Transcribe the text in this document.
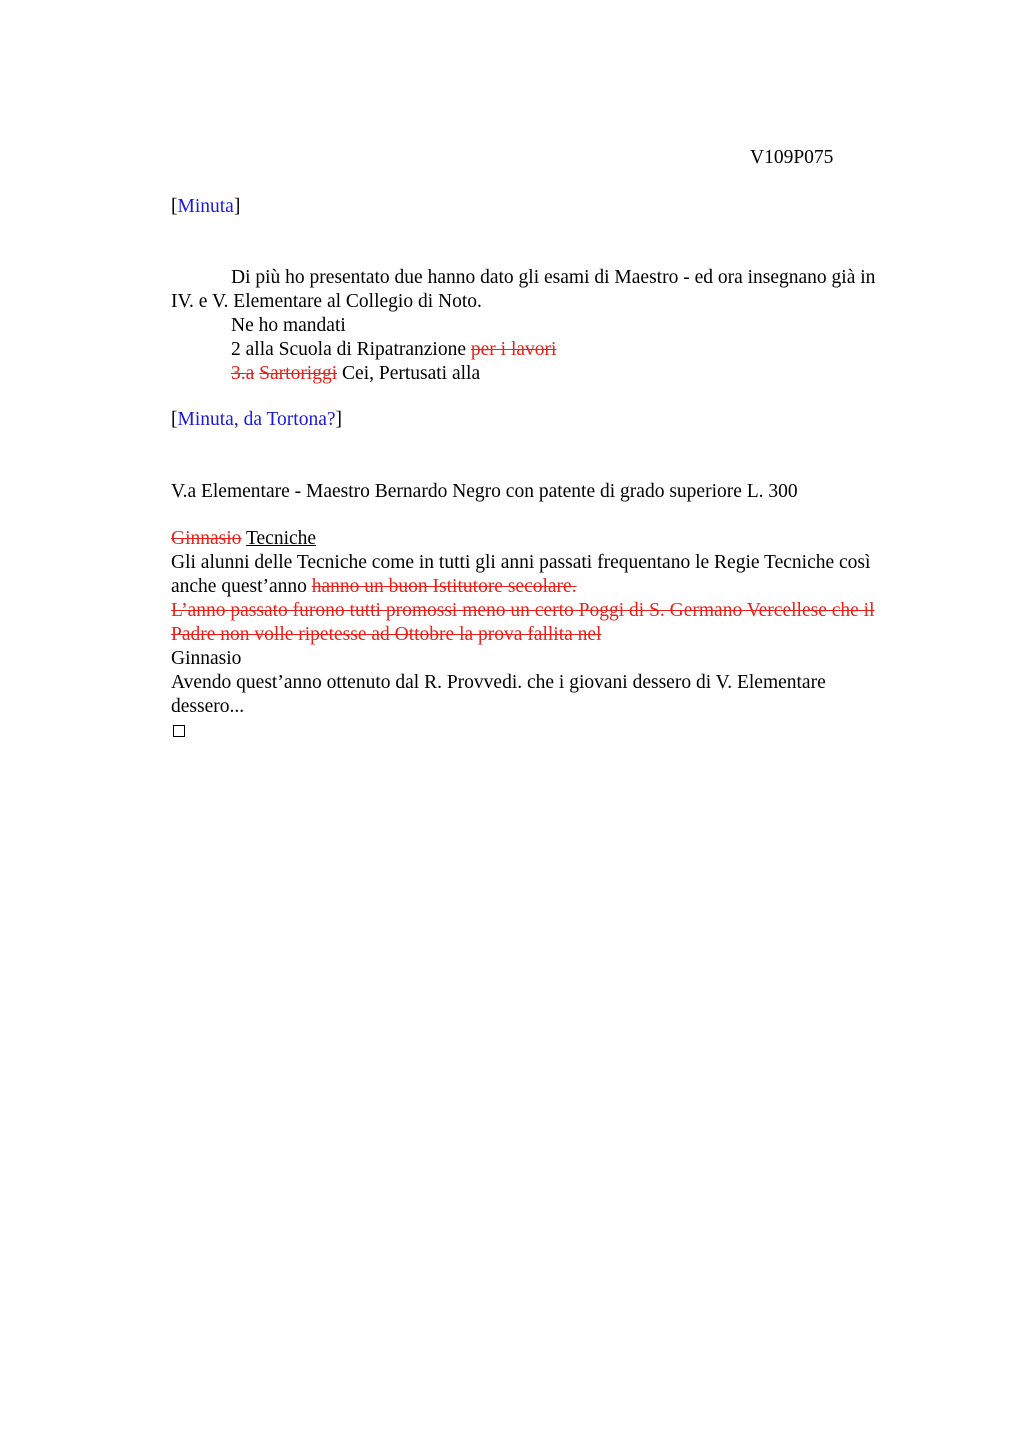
V109P075
[Minuta]
Di più ho presentato due hanno dato gli esami di Maestro - ed ora insegnano già in
IV. e V. Elementare al Collegio di Noto.
Ne ho mandati
2 alla Scuola di Ripatranzione per i lavori
3.a Sartoriggi Cei, Pertusati alla
[Minuta, da Tortona?]
V.a Elementare - Maestro Bernardo Negro con patente di grado superiore L. 300
Ginnasio Tecniche
Gli alunni delle Tecniche come in tutti gli anni passati frequentano le Regie Tecniche così
anche quest’anno hanno un buon Istitutore secolare.
L’anno passato furono tutti promossi meno un certo Poggi di S. Germano Vercellese che il
Padre non volle ripetesse ad Ottobre la prova fallita nel
Ginnasio
Avendo quest’anno ottenuto dal R. Provvedi. che i giovani dessero di V. Elementare
dessero...
